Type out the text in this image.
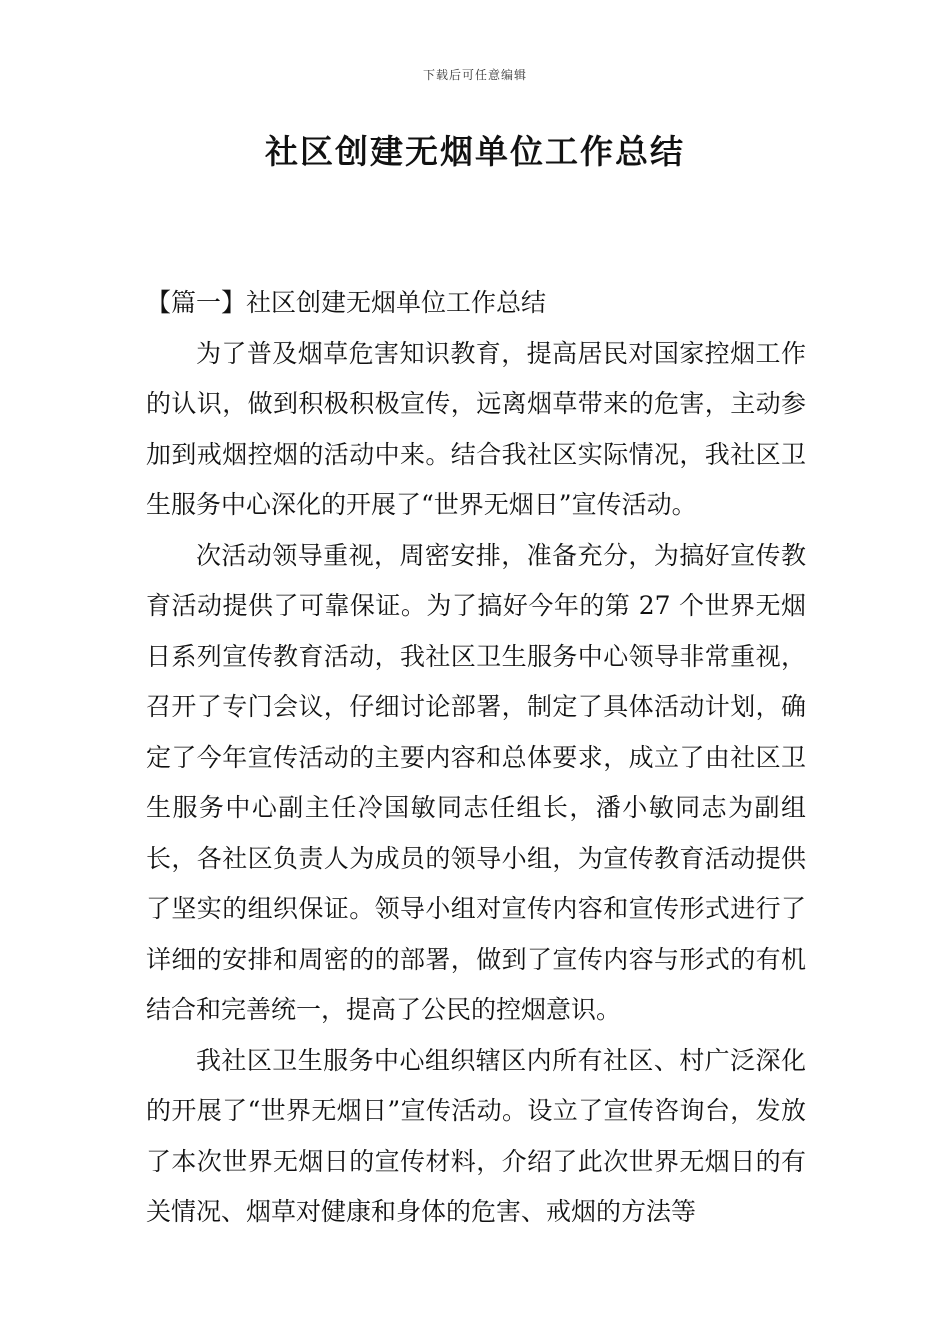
下载后可任意编辑
社区创建无烟单位工作总结

【篇一】社区创建无烟单位工作总结

为了普及烟草危害知识教育，提高居民对国家控烟工作的认识，做到积极积极宣传，远离烟草带来的危害，主动参加到戒烟控烟的活动中来。结合我社区实际情况，我社区卫生服务中心深化的开展了“世界无烟日”宣传活动。

次活动领导重视，周密安排，准备充分，为搞好宣传教育活动提供了可靠保证。为了搞好今年的第 27 个世界无烟日系列宣传教育活动，我社区卫生服务中心领导非常重视，召开了专门会议，仔细讨论部署，制定了具体活动计划，确定了今年宣传活动的主要内容和总体要求，成立了由社区卫生服务中心副主任冷国敏同志任组长，潘小敏同志为副组长，各社区负责人为成员的领导小组，为宣传教育活动提供了坚实的组织保证。领导小组对宣传内容和宣传形式进行了详细的安排和周密的的部署，做到了宣传内容与形式的有机结合和完善统一，提高了公民的控烟意识。

我社区卫生服务中心组织辖区内所有社区、村广泛深化的开展了“世界无烟日”宣传活动。设立了宣传咨询台，发放了本次世界无烟日的宣传材料，介绍了此次世界无烟日的有关情况、烟草对健康和身体的危害、戒烟的方法等
